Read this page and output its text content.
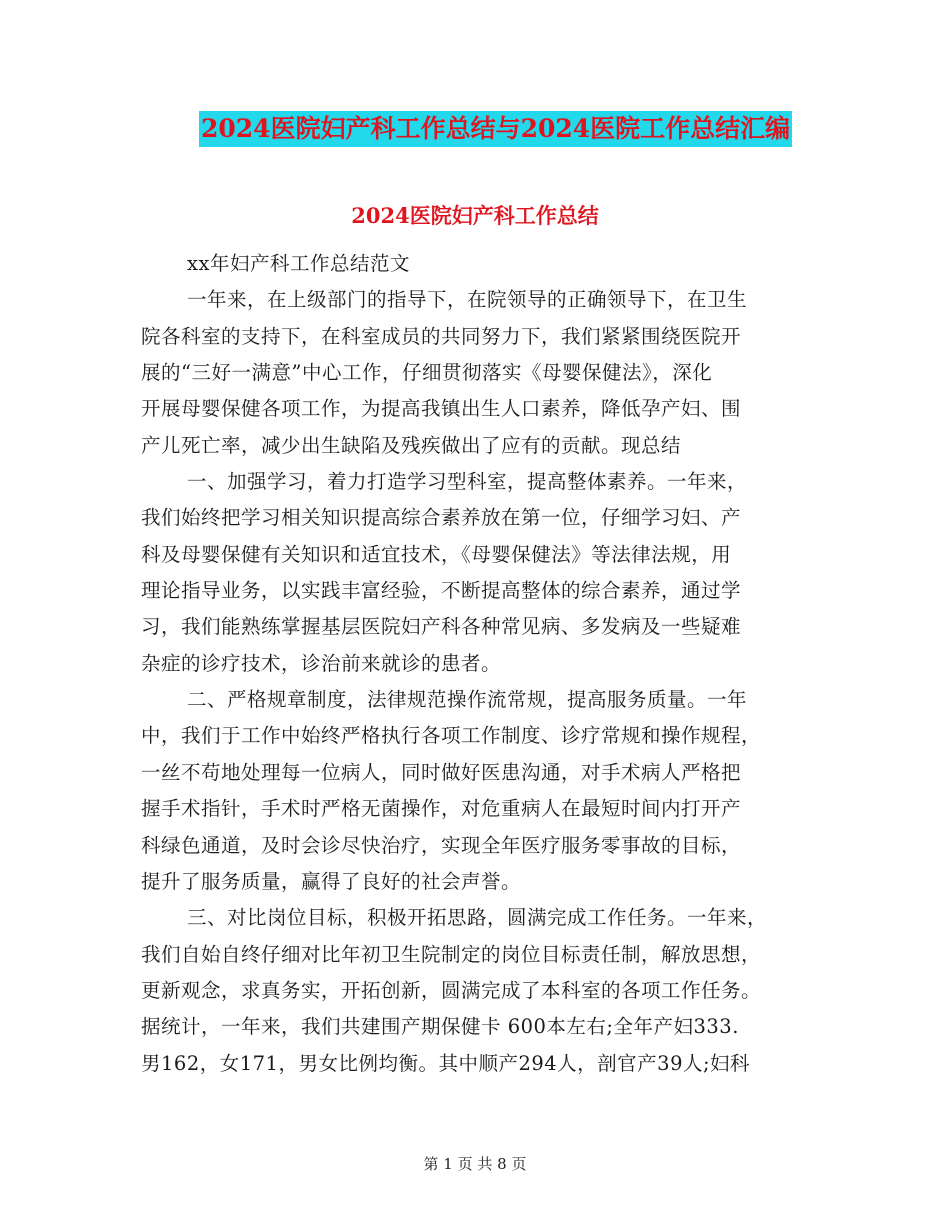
2024医院妇产科工作总结与2024医院工作总结汇编
2024医院妇产科工作总结
xx年妇产科工作总结范文
一年来，在上级部门的指导下，在院领导的正确领导下，在卫生
院各科室的支持下，在科室成员的共同努力下，我们紧紧围绕医院开
展的“三好一满意”中心工作，仔细贯彻落实《母婴保健法》，深化
开展母婴保健各项工作，为提高我镇出生人口素养，降低孕产妇、围
产儿死亡率，减少出生缺陷及残疾做出了应有的贡献。现总结
一、加强学习，着力打造学习型科室，提高整体素养。一年来，
我们始终把学习相关知识提高综合素养放在第一位，仔细学习妇、产
科及母婴保健有关知识和适宜技术，《母婴保健法》等法律法规，用
理论指导业务，以实践丰富经验，不断提高整体的综合素养，通过学
习，我们能熟练掌握基层医院妇产科各种常见病、多发病及一些疑难
杂症的诊疗技术，诊治前来就诊的患者。
二、严格规章制度，法律规范操作流常规，提高服务质量。一年
中，我们于工作中始终严格执行各项工作制度、诊疗常规和操作规程，
一丝不苟地处理每一位病人，同时做好医患沟通，对手术病人严格把
握手术指针，手术时严格无菌操作，对危重病人在最短时间内打开产
科绿色通道，及时会诊尽快治疗，实现全年医疗服务零事故的目标，
提升了服务质量，赢得了良好的社会声誉。
三、对比岗位目标，积极开拓思路，圆满完成工作任务。一年来，
我们自始自终仔细对比年初卫生院制定的岗位目标责任制，解放思想，
更新观念，求真务实，开拓创新，圆满完成了本科室的各项工作任务。
据统计，一年来，我们共建围产期保健卡 600本左右;全年产妇333.
男162，女171，男女比例均衡。其中顺产294人，剖官产39人;妇科
第 1 页 共 8 页
